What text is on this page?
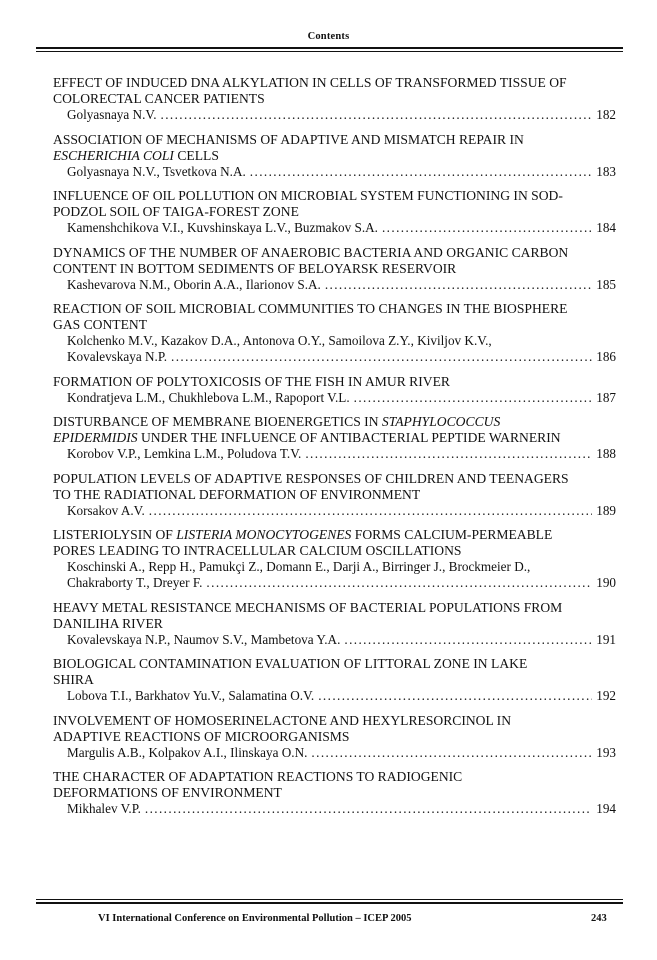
Contents
EFFECT OF INDUCED DNA ALKYLATION IN CELLS OF TRANSFORMED TISSUE OF
COLORECTAL CANCER PATIENTS
Golyasnaya N.V. .....	182
ASSOCIATION OF MECHANISMS OF ADAPTIVE AND MISMATCH REPAIR IN
ESCHERICHIA COLI CELLS
Golyasnaya N.V., Tsvetkova N.A. .....	183
INFLUENCE OF OIL POLLUTION ON MICROBIAL SYSTEM FUNCTIONING IN SOD-
PODZOL SOIL OF TAIGA-FOREST ZONE
Kamenshchikova V.I., Kuvshinskaya L.V., Buzmakov S.A. .....	184
DYNAMICS OF THE NUMBER OF ANAEROBIC BACTERIA AND ORGANIC CARBON
CONTENT IN BOTTOM SEDIMENTS OF BELOYARSK RESERVOIR
Kashevarova N.M., Oborin A.A., Ilarionov S.A. .....	185
REACTION OF SOIL MICROBIAL COMMUNITIES TO CHANGES IN THE BIOSPHERE
GAS CONTENT
Kolchenko M.V., Kazakov D.A., Antonova O.Y., Samoilova Z.Y., Kiviljov K.V.,
Kovalevskaya N.P. .....	186
FORMATION OF POLYTOXICOSIS OF THE FISH IN AMUR RIVER
Kondratjeva L.M., Chukhlebova L.M., Rapoport V.L. .....	187
DISTURBANCE OF MEMBRANE BIOENERGETICS IN STAPHYLOCOCCUS
EPIDERMIDIS UNDER THE INFLUENCE OF ANTIBACTERIAL PEPTIDE WARNERIN
Korobov V.P., Lemkina L.M., Poludova T.V. .....	188
POPULATION LEVELS OF ADAPTIVE RESPONSES OF CHILDREN AND TEENAGERS
TO THE RADIATIONAL DEFORMATION OF ENVIRONMENT
Korsakov A.V. .....	189
LISTERIOLYSIN OF LISTERIA MONOCYTOGENES FORMS CALCIUM-PERMEABLE
PORES LEADING TO INTRACELLULAR CALCIUM OSCILLATIONS
Koschinski A., Repp H., Pamukçi Z., Domann E., Darji A., Birringer J., Brockmeier D.,
Chakraborty T., Dreyer F. .....	190
HEAVY METAL RESISTANCE MECHANISMS OF BACTERIAL POPULATIONS FROM
DANILIHA RIVER
Kovalevskaya N.P., Naumov S.V., Mambetova Y.A. .....	191
BIOLOGICAL CONTAMINATION EVALUATION OF LITTORAL ZONE IN LAKE
SHIRA
Lobova T.I., Barkhatov Yu.V., Salamatina O.V. .....	192
INVOLVEMENT OF HOMOSERINELACTONE AND HEXYLRESORCINOL IN
ADAPTIVE REACTIONS OF MICROORGANISMS
Margulis A.B., Kolpakov A.I., Ilinskaya O.N. .....	193
THE CHARACTER OF ADAPTATION REACTIONS TO RADIOGENIC
DEFORMATIONS OF ENVIRONMENT
Mikhalev V.P. .....	194
VI International Conference on Environmental Pollution – ICEP 2005	243
